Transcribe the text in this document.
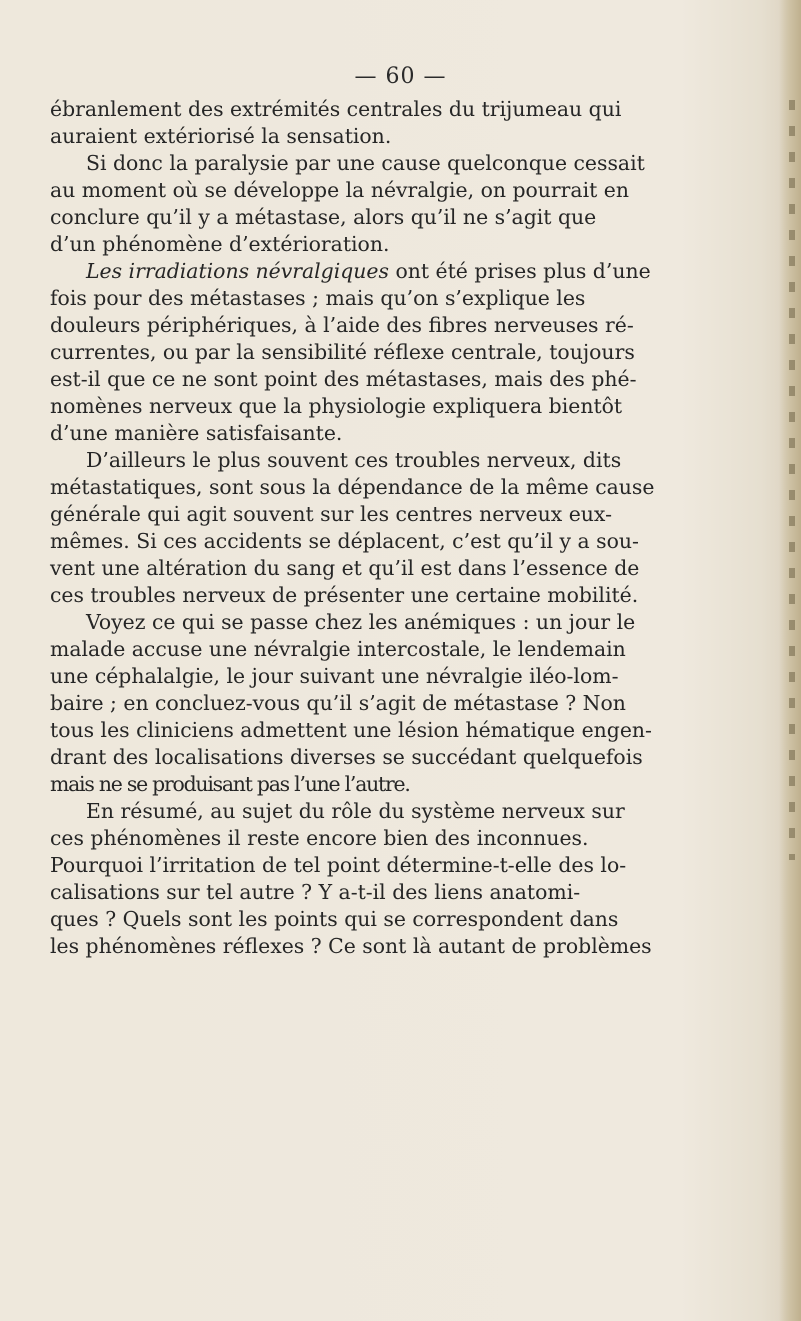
— 60 —
ébranlement des extrémités centrales du trijumeau qui
auraient extériorisé la sensation.
Si donc la paralysie par une cause quelconque cessait
au moment où se développe la névralgie, on pourrait en
conclure qu’il y a métastase, alors qu’il ne s’agit que
d’un phénomène d’extérioration.
Les irradiations névralgiques ont été prises plus d’une
fois pour des métastases ; mais qu’on s’explique les
douleurs périphériques, à l’aide des fibres nerveuses ré-
currentes, ou par la sensibilité réflexe centrale, toujours
est-il que ce ne sont point des métastases, mais des phé-
nomènes nerveux que la physiologie expliquera bientôt
d’une manière satisfaisante.
D’ailleurs le plus souvent ces troubles nerveux, dits
métastatiques, sont sous la dépendance de la même cause
générale qui agit souvent sur les centres nerveux eux-
mêmes. Si ces accidents se déplacent, c’est qu’il y a sou-
vent une altération du sang et qu’il est dans l’essence de
ces troubles nerveux de présenter une certaine mobilité.
Voyez ce qui se passe chez les anémiques : un jour le
malade accuse une névralgie intercostale, le lendemain
une céphalalgie, le jour suivant une névralgie iléo-lom-
baire ; en concluez-vous qu’il s’agit de métastase ? Non
tous les cliniciens admettent une lésion hématique engen-
drant des localisations diverses se succédant quelquefois
mais ne se produisant pas l’une l’autre.
En résumé, au sujet du rôle du système nerveux sur
ces phénomènes il reste encore bien des inconnues.
Pourquoi l’irritation de tel point détermine-t-elle des lo-
calisations sur tel autre ? Y a-t-il des liens anatomi-
ques ? Quels sont les points qui se correspondent dans
les phénomènes réflexes ? Ce sont là autant de problèmes
